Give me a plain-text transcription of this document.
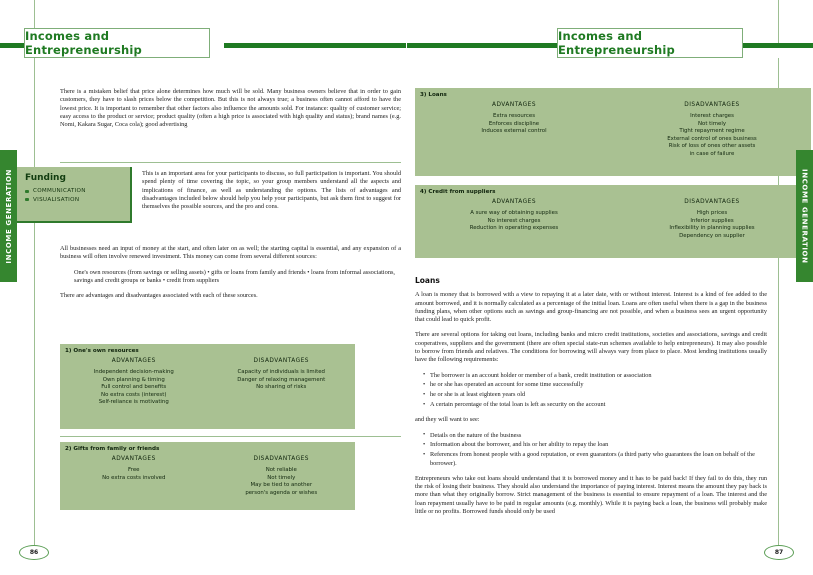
Incomes and Entrepreneurship
INCOME GENERATION

There is a mistaken belief that price alone determines how much will be sold. Many business owners believe that in order to gain customers, they have to slash prices below the competition. But this is not always true; a business often cannot afford to have the lowest price. It is important to remember that other factors also influence the amounts sold. For instance: quality of customer service; easy access to the product or service; product quality (often a high price is associated with high quality and status); brand names (e.g. Nomi, Kakara Sugar, Coca cola); good advertising

Funding
COMMUNICATION
VISUALISATION

This is an important area for your participants to discuss, so full participation is important. You should spend plenty of time covering the topic, so your group members understand all the aspects and implications of finance, as well as understanding the options. The lists of advantages and disadvantages included below should help you help your participants, but ask them first to suggest for themselves the possible sources, and the pro and cons.

All businesses need an input of money at the start, and often later on as well; the starting capital is essential, and any expansion of a business will often involve renewed investment. This money can come from several different sources:

One's own resources (from savings or selling assets) • gifts or loans from family and friends • loans from informal associations, savings and credit groups or banks • credit from suppliers

There are advantages and disadvantages associated with each of these sources.

1) One's own resources
ADVANTAGES
Independent decision-making
Own planning & timing
Full control and benefits
No extra costs (interest)
Self-reliance is motivating
DISADVANTAGES
Capacity of individuals is limited
Danger of relaxing management
No sharing of risks
2) Gifts from family or friends
ADVANTAGES
Free
No extra costs involved
DISADVANTAGES
Not reliable
Not timely
May be tied to another
person's agenda or wishes
86
Incomes and Entrepreneurship
INCOME GENERATION
3) Loans
ADVANTAGES
Extra resources
Enforces discipline
Induces external control
DISADVANTAGES
Interest charges
Not timely
Tight repayment regime
External control of ones business
Risk of loss of ones other assets
in case of failure
4) Credit from suppliers
ADVANTAGES
A sure way of obtaining supplies
No interest charges
Reduction in operating expenses
DISADVANTAGES
High prices
Inferior supplies
Inflexibility in planning supplies
Dependency on supplier
Loans

A loan is money that is borrowed with a view to repaying it at a later date, with or without interest. Interest is a kind of fee added to the amount borrowed, and it is normally calculated as a percentage of the initial loan. Loans are often useful when there is a gap in the business funding plans, when other options such as savings and group-financing are not possible, and when a business sees an urgent opportunity that could lead to quick profit.

There are several options for taking out loans, including banks and micro credit institutions, societies and associations, savings and credit cooperatives, suppliers and the government (there are often special state-run schemes available to help entrepreneurs). It may also possible to borrow from friends and relatives. The conditions for borrowing will always vary from place to place. Most lending institutions usually have the following requirements:

• The borrower is an account holder or member of a bank, credit institution or association
• he or she has operated an account for some time successfully
• he or she is at least eighteen years old
• A certain percentage of the total loan is left as security on the account

and they will want to see:

• Details on the nature of the business
• Information about the borrower, and his or her ability to repay the loan
• References from honest people with a good reputation, or even guarantors (a third party who guarantees the loan on behalf of the borrower).

Entrepreneurs who take out loans should understand that it is borrowed money and it has to be paid back! If they fail to do this, they run the risk of losing their business. They should also understand the importance of paying interest. Interest means the amount they pay back is more than what they originally borrow. Strict management of the business is essential to ensure repayment of a loan. The interest and the loan repayment usually have to be paid in regular amounts (e.g. monthly). While it is paying back a loan, the business will probably make little or no profits. Borrowed funds should only be used

87
